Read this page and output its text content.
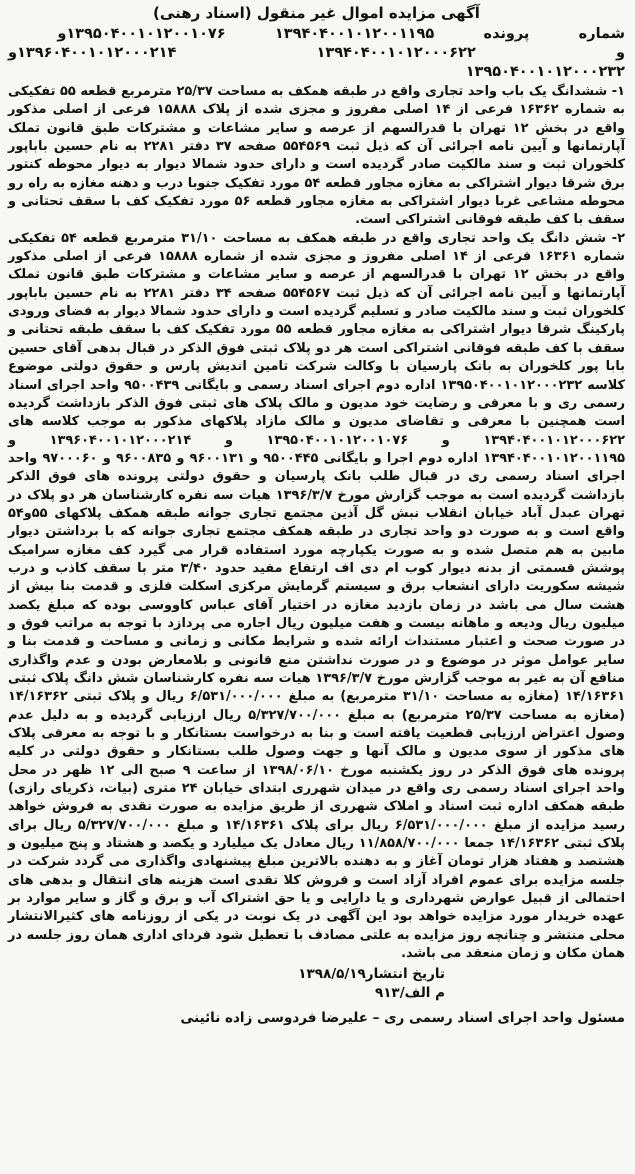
آگهی مزایده اموال غیر منقول (اسناد رهنی)
شماره
پرونده
۱۳۹۴۰۴۰۰۱۰۱۲۰۰۱۱۹۵
۱۳۹۵۰۴۰۰۱۰۱۲۰۰۱۰۷۶و
و
۱۳۹۴۰۴۰۰۱۰۱۲۰۰۰۶۲۲
۱۳۹۶۰۴۰۰۱۰۱۲۰۰۰۲۱۴و
۱۳۹۵۰۴۰۰۱۰۱۲۰۰۰۲۳۲

۱- ششدانگ یک باب واحد تجاری واقع در طبقه همکف به مساحت ۲۵/۳۷ مترمربع قطعه ۵۵ تفکیکی به شماره ۱۶۳۶۲ فرعی از ۱۴ اصلی مفروز و مجزی شده از پلاک ۱۵۸۸۸ فرعی از اصلی مذکور واقع در بخش ۱۲ تهران با قدرالسهم از عرصه و سایر مشاعات و مشترکات طبق قانون تملک آپارتمانها و آیین نامه اجرائی آن که ذیل ثبت ۵۵۴۵۶۹ صفحه ۳۷ دفتر ۲۲۸۱ به نام حسین باباپور کلخوران ثبت و سند مالکیت صادر گردیده است و دارای حدود شمالا دیوار به دیوار محوطه کنتور برق شرقا دیوار اشتراکی به مغازه مجاور قطعه ۵۴ مورد تفکیک جنوبا درب و دهنه مغازه به راه رو محوطه مشاعی غربا دیوار اشتراکی به مغازه مجاور قطعه ۵۶ مورد تفکیک کف با سقف تحتانی و سقف با کف طبقه فوقانی اشتراکی است.

۲- شش دانگ یک واحد تجاری واقع در طبقه همکف به مساحت ۳۱/۱۰ مترمربع قطعه ۵۴ تفکیکی شماره ۱۶۳۶۱ فرعی از ۱۴ اصلی مفروز و مجزی شده از شماره ۱۵۸۸۸ فرعی از اصلی مذکور واقع در بخش ۱۲ تهران با قدرالسهم از عرصه و سایر مشاعات و مشترکات طبق قانون تملک آپارتمانها و آیین نامه اجرائی آن که ذیل ثبت ۵۵۴۵۶۷ صفحه ۳۴ دفتر ۲۲۸۱ به نام حسین باباپور کلخوران ثبت و سند مالکیت صادر و تسلیم گردیده است و دارای حدود شمالا دیوار به فضای ورودی پارکینگ شرقا دیوار اشتراکی به مغازه مجاور قطعه ۵۵ مورد تفکیک کف با سقف طبقه تحتانی و سقف با کف طبقه فوقانی اشتراکی است هر دو پلاک ثبتی فوق الذکر در قبال بدهی آقای حسین بابا پور کلخوران به بانک پارسیان با وکالت شرکت تامین اندیش پارس و حقوق دولتی موضوع کلاسه ۱۳۹۵۰۴۰۰۱۰۱۲۰۰۰۲۳۲ اداره دوم اجرای اسناد رسمی و بایگانی ۹۵۰۰۴۳۹ واحد اجرای اسناد رسمی ری و با معرفی و رضایت خود مدیون و مالک پلاک های ثبتی فوق الذکر بازداشت گردیده است همچنین با معرفی و تقاضای مدیون و مالک مازاد پلاکهای مذکور به موجب کلاسه های ۱۳۹۴۰۴۰۰۱۰۱۲۰۰۰۶۲۲ و ۱۳۹۵۰۴۰۰۱۰۱۲۰۰۱۰۷۶ و ۱۳۹۶۰۴۰۰۱۰۱۲۰۰۰۲۱۴ و ۱۳۹۴۰۴۰۰۱۰۱۲۰۰۱۱۹۵ اداره دوم اجرا و بایگانی ۹۵۰۰۴۴۵ و ۹۶۰۰۱۳۱ و ۹۶۰۰۸۳۵ و ۹۷۰۰۰۶۰ واحد اجرای اسناد رسمی ری در قبال طلب بانک پارسیان و حقوق دولتی پرونده های فوق الذکر بازداشت گردیده است به موجب گزارش مورخ ۱۳۹۶/۳/۷ هیات سه نفره کارشناسان هر دو پلاک در تهران عبدل آباد خیابان انقلاب نبش گل آذین مجتمع تجاری جوانه طبقه همکف پلاکهای ۵۵و۵۴ واقع است و به صورت دو واحد تجاری در طبقه همکف مجتمع تجاری جوانه که با برداشتن دیوار مابین به هم متصل شده و به صورت یکپارچه مورد استفاده قرار می گیرد کف مغازه سرامیک پوشش قسمتی از بدنه دیوار کوب ام دی اف ارتفاع مفید حدود ۳/۴۰ متر با سقف کاذب و درب شیشه سکوریت دارای انشعاب برق و سیستم گرمایش مرکزی اسکلت فلزی و قدمت بنا بیش از هشت سال می باشد در زمان بازدید مغازه در اختیار آقای عباس کاووسی بوده که مبلغ یکصد میلیون ریال ودیعه و ماهانه بیست و هفت میلیون ریال اجاره می پردازد با توجه به مراتب فوق و در صورت صحت و اعتبار مستندات ارائه شده و شرایط مکانی و زمانی و مساحت و قدمت بنا و سایر عوامل موثر در موضوع و در صورت نداشتن منع قانونی و بلامعارض بودن و عدم واگذاری منافع آن به غیر به موجب گزارش مورخ ۱۳۹۶/۳/۷ هیات سه نفره کارشناسان شش دانگ پلاک ثبتی ۱۴/۱۶۳۶۱ (مغازه به مساحت ۳۱/۱۰ مترمربع) به مبلغ ۶/۵۳۱/۰۰۰/۰۰۰ ریال و پلاک ثبتی ۱۴/۱۶۳۶۲ (مغازه به مساحت ۲۵/۳۷ مترمربع) به مبلغ ۵/۳۲۷/۷۰۰/۰۰۰ ریال ارزیابی گردیده و به دلیل عدم وصول اعتراض ارزیابی قطعیت یافته است و بنا به درخواست بستانکار و با توجه به معرفی پلاک های مذکور از سوی مدیون و مالک آنها و جهت وصول طلب بستانکار و حقوق دولتی در کلیه پرونده های فوق الذکر در روز یکشنبه مورخ ۱۳۹۸/۰۶/۱۰ از ساعت ۹ صبح الی ۱۲ ظهر در محل واحد اجرای اسناد رسمی ری واقع در میدان شهرری ابتدای خیابان ۲۴ متری (بیات، ذکریای رازی) طبقه همکف اداره ثبت اسناد و املاک شهرری از طریق مزایده به صورت نقدی به فروش خواهد رسید مزایده از مبلغ ۶/۵۳۱/۰۰۰/۰۰۰ ریال برای پلاک ۱۴/۱۶۳۶۱ و مبلغ ۵/۳۲۷/۷۰۰/۰۰۰ ریال برای پلاک ثبتی ۱۴/۱۶۳۶۲ جمعا ۱۱/۸۵۸/۷۰۰/۰۰۰ ریال معادل یک میلیارد و یکصد و هشتاد و پنج میلیون و هشتصد و هفتاد هزار تومان آغاز و به دهنده بالاترین مبلغ پیشنهادی واگذاری می گردد شرکت در جلسه مزایده برای عموم افراد آزاد است و فروش کلا نقدی است هزینه های انتقال و بدهی های احتمالی از قبیل عوارض شهرداری و یا دارایی و یا حق اشتراک آب و برق و گاز و سایر موارد بر عهده خریدار مورد مزایده خواهد بود این آگهی در یک نوبت در یکی از روزنامه های کثیرالانتشار محلی منتشر و چنانچه روز مزایده به علتی مصادف با تعطیل شود فردای اداری همان روز جلسه در همان مکان و زمان منعقد می باشد.

تاریخ انتشار۱۳۹۸/۵/۱۹
م الف/۹۱۳
مسئول واحد اجرای اسناد رسمی ری – علیرضا فردوسی زاده نائینی
